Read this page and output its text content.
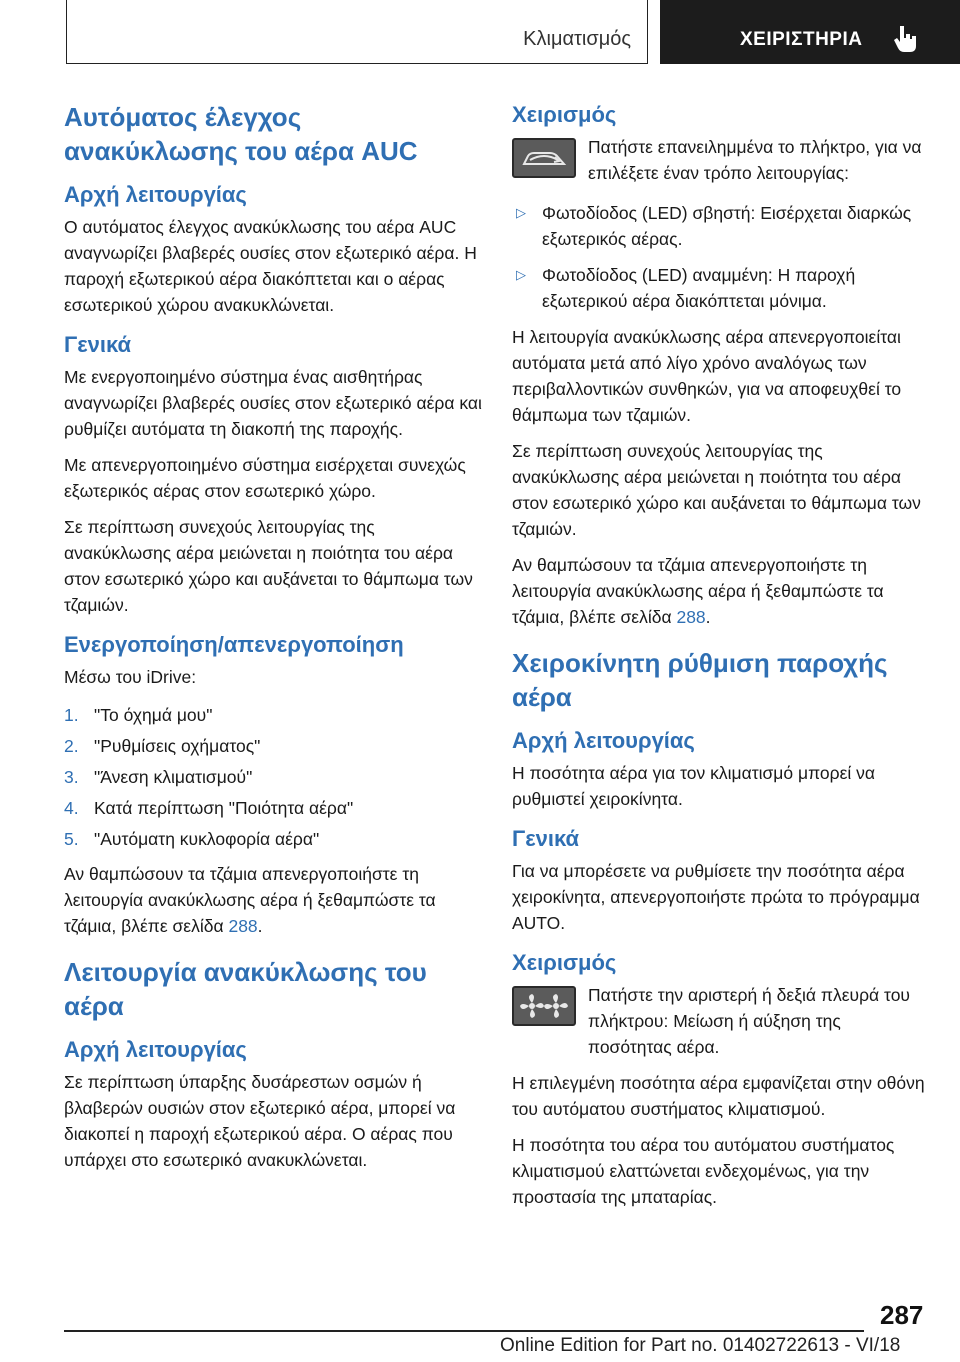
Κλιματισμός	ΧΕΙΡΙΣΤΗΡΙΑ
Αυτόματος έλεγχος ανακύκλωσης του αέρα AUC
Αρχή λειτουργίας

Ο αυτόματος έλεγχος ανακύκλωσης του αέρα AUC αναγνωρίζει βλαβερές ουσίες στον εξωτερικό αέρα. Η παροχή εξωτερικού αέρα διακόπτεται και ο αέρας εσωτερικού χώρου ανακυκλώνεται.

Γενικά

Με ενεργοποιημένο σύστημα ένας αισθητήρας αναγνωρίζει βλαβερές ουσίες στον εξωτερικό αέρα και ρυθμίζει αυτόματα τη διακοπή της παροχής.

Με απενεργοποιημένο σύστημα εισέρχεται συνεχώς εξωτερικός αέρας στον εσωτερικό χώρο.

Σε περίπτωση συνεχούς λειτουργίας της ανακύκλωσης αέρα μειώνεται η ποιότητα του αέρα στον εσωτερικό χώρο και αυξάνεται το θάμπωμα των τζαμιών.

Ενεργοποίηση/απενεργοποίηση

Μέσω του iDrive:

1. "Το όχημά μου"
2. "Ρυθμίσεις οχήματος"
3. "Άνεση κλιματισμού"
4. Κατά περίπτωση "Ποιότητα αέρα"
5. "Αυτόματη κυκλοφορία αέρα"

Αν θαμπώσουν τα τζάμια απενεργοποιήστε τη λειτουργία ανακύκλωσης αέρα ή ξεθαμπώστε τα τζάμια, βλέπε σελίδα 288.

Λειτουργία ανακύκλωσης του αέρα
Αρχή λειτουργίας

Σε περίπτωση ύπαρξης δυσάρεστων οσμών ή βλαβερών ουσιών στον εξωτερικό αέρα, μπορεί να διακοπεί η παροχή εξωτερικού αέρα. Ο αέρας που υπάρχει στο εσωτερικό ανακυκλώνεται.

Χειρισμός

Πατήστε επανειλημμένα το πλήκτρο, για να επιλέξετε έναν τρόπο λειτουργίας:

▷ Φωτοδίοδος (LED) σβηστή: Εισέρχεται διαρκώς εξωτερικός αέρας.
▷ Φωτοδίοδος (LED) αναμμένη: Η παροχή εξωτερικού αέρα διακόπτεται μόνιμα.

Η λειτουργία ανακύκλωσης αέρα απενεργοποιείται αυτόματα μετά από λίγο χρόνο αναλόγως των περιβαλλοντικών συνθηκών, για να αποφευχθεί το θάμπωμα των τζαμιών.

Σε περίπτωση συνεχούς λειτουργίας της ανακύκλωσης αέρα μειώνεται η ποιότητα του αέρα στον εσωτερικό χώρο και αυξάνεται το θάμπωμα των τζαμιών.

Αν θαμπώσουν τα τζάμια απενεργοποιήστε τη λειτουργία ανακύκλωσης αέρα ή ξεθαμπώστε τα τζάμια, βλέπε σελίδα 288.

Χειροκίνητη ρύθμιση παροχής αέρα
Αρχή λειτουργίας

Η ποσότητα αέρα για τον κλιματισμό μπορεί να ρυθμιστεί χειροκίνητα.

Γενικά

Για να μπορέσετε να ρυθμίσετε την ποσότητα αέρα χειροκίνητα, απενεργοποιήστε πρώτα το πρόγραμμα AUTO.

Χειρισμός

Πατήστε την αριστερή ή δεξιά πλευρά του πλήκτρου: Μείωση ή αύξηση της ποσότητας αέρα.

Η επιλεγμένη ποσότητα αέρα εμφανίζεται στην οθόνη του αυτόματου συστήματος κλιματισμού.

Η ποσότητα του αέρα του αυτόματου συστήματος κλιματισμού ελαττώνεται ενδεχομένως, για την προστασία της μπαταρίας.

287
Online Edition for Part no. 01402722613 - VI/18
